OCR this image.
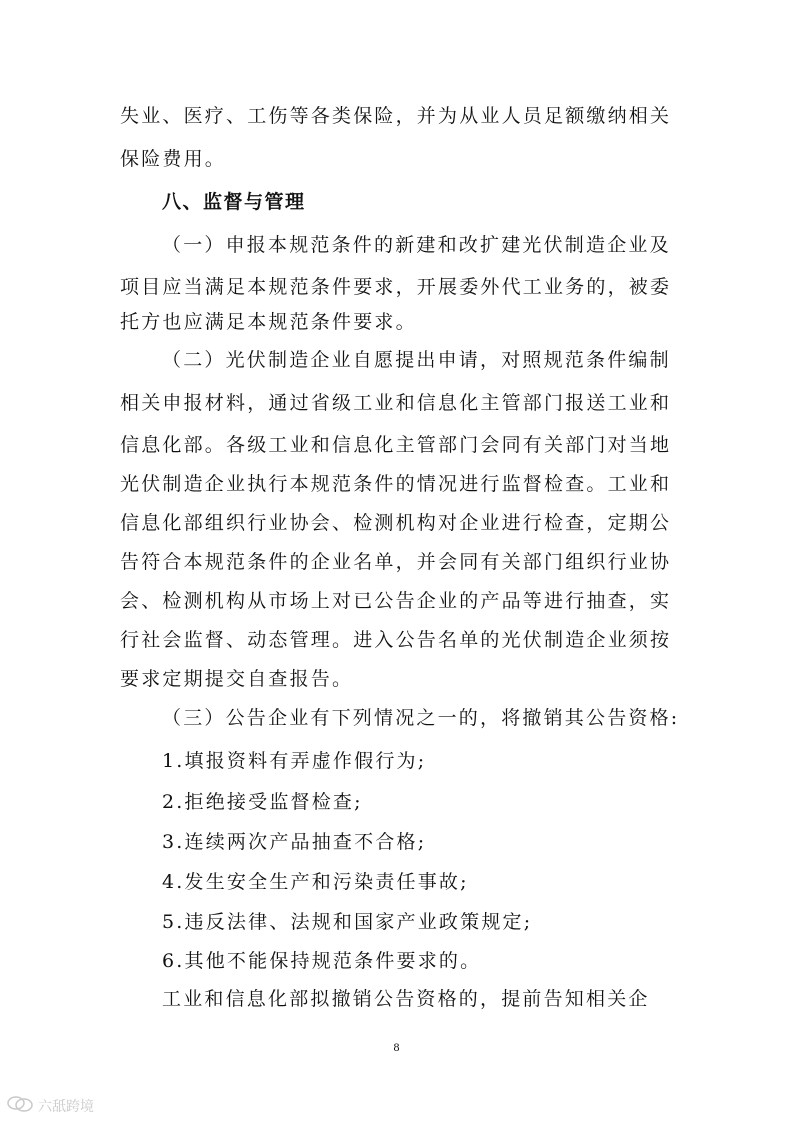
失业、医疗、工伤等各类保险，并为从业人员足额缴纳相关
保险费用。
八、监督与管理
（一）申报本规范条件的新建和改扩建光伏制造企业及
项目应当满足本规范条件要求，开展委外代工业务的，被委
托方也应满足本规范条件要求。
（二）光伏制造企业自愿提出申请，对照规范条件编制
相关申报材料，通过省级工业和信息化主管部门报送工业和
信息化部。各级工业和信息化主管部门会同有关部门对当地
光伏制造企业执行本规范条件的情况进行监督检查。工业和
信息化部组织行业协会、检测机构对企业进行检查，定期公
告符合本规范条件的企业名单，并会同有关部门组织行业协
会、检测机构从市场上对已公告企业的产品等进行抽查，实
行社会监督、动态管理。进入公告名单的光伏制造企业须按
要求定期提交自查报告。
（三）公告企业有下列情况之一的，将撤销其公告资格:
1.填报资料有弄虚作假行为;
2.拒绝接受监督检查;
3.连续两次产品抽查不合格;
4.发生安全生产和污染责任事故;
5.违反法律、法规和国家产业政策规定;
6.其他不能保持规范条件要求的。
工业和信息化部拟撤销公告资格的，提前告知相关企
8
六舐跨境
